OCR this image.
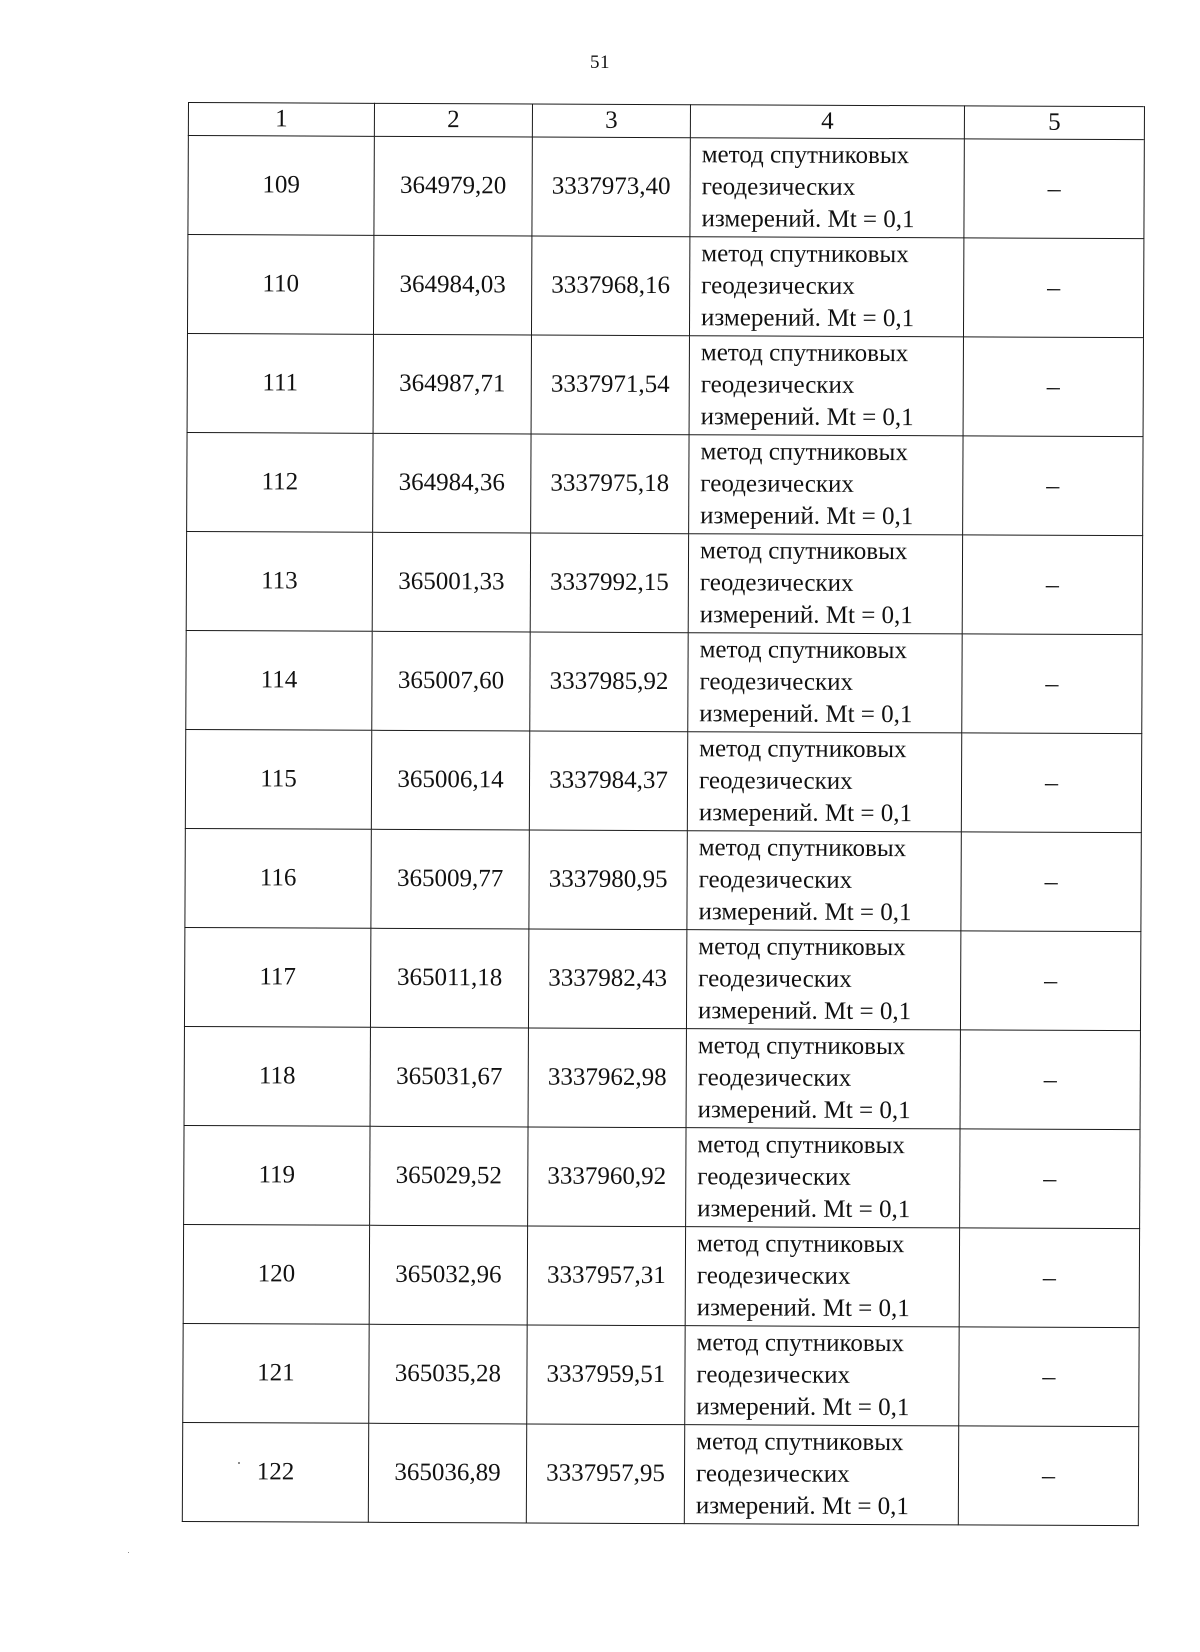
51
1	2	3	4	5
109	364979,20	3337973,40	метод спутниковых
геодезических
измерений. Mt = 0,1	–
110	364984,03	3337968,16	метод спутниковых
геодезических
измерений. Mt = 0,1	–
111	364987,71	3337971,54	метод спутниковых
геодезических
измерений. Mt = 0,1	–
112	364984,36	3337975,18	метод спутниковых
геодезических
измерений. Mt = 0,1	–
113	365001,33	3337992,15	метод спутниковых
геодезических
измерений. Mt = 0,1	–
114	365007,60	3337985,92	метод спутниковых
геодезических
измерений. Mt = 0,1	–
115	365006,14	3337984,37	метод спутниковых
геодезических
измерений. Mt = 0,1	–
116	365009,77	3337980,95	метод спутниковых
геодезических
измерений. Mt = 0,1	–
117	365011,18	3337982,43	метод спутниковых
геодезических
измерений. Mt = 0,1	–
118	365031,67	3337962,98	метод спутниковых
геодезических
измерений. Mt = 0,1	–
119	365029,52	3337960,92	метод спутниковых
геодезических
измерений. Mt = 0,1	–
120	365032,96	3337957,31	метод спутниковых
геодезических
измерений. Mt = 0,1	–
121	365035,28	3337959,51	метод спутниковых
геодезических
измерений. Mt = 0,1	–
122	365036,89	3337957,95	метод спутниковых
геодезических
измерений. Mt = 0,1	–
